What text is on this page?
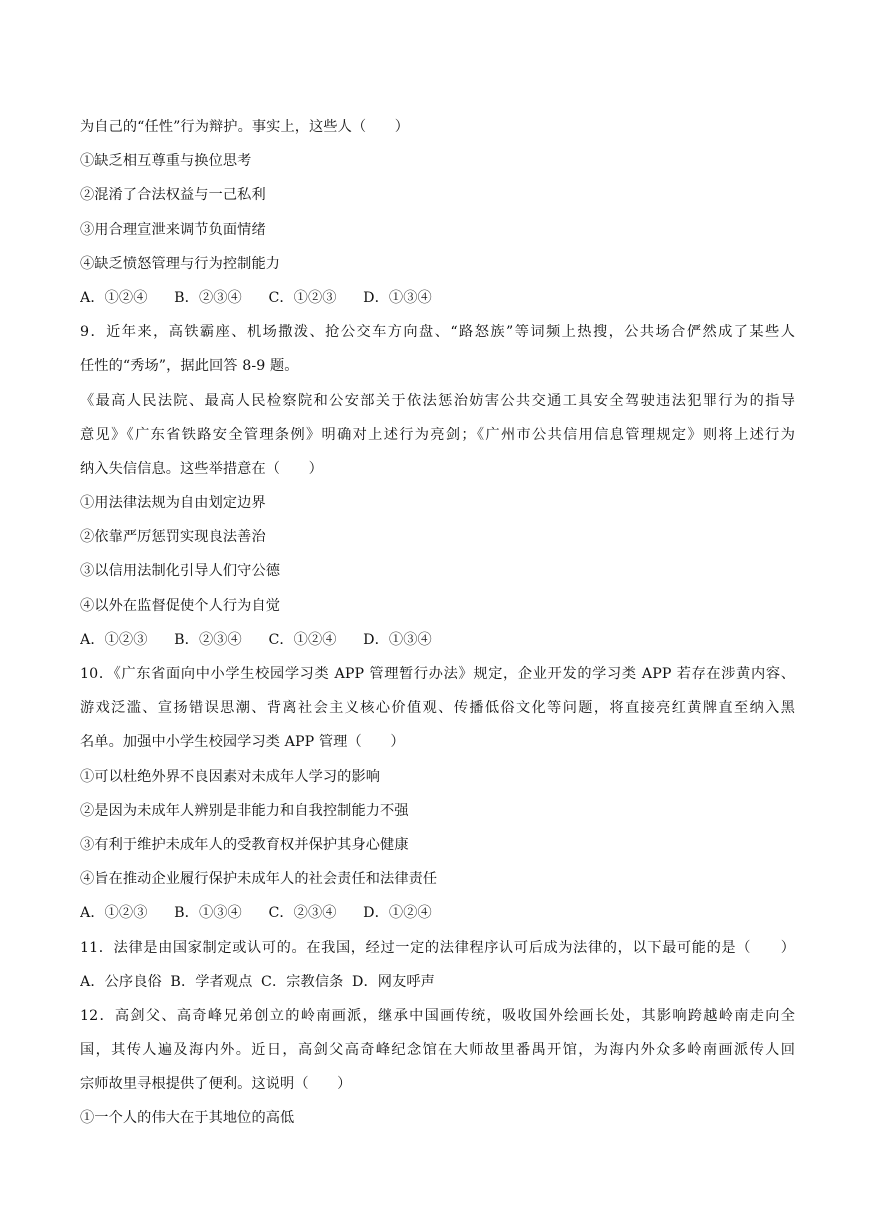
为自己的“任性”行为辩护。事实上，这些人（　　）
①缺乏相互尊重与换位思考
②混淆了合法权益与一己私利
③用合理宣泄来调节负面情绪
④缺乏愤怒管理与行为控制能力
A．①②④ B．②③④ C．①②③ D．①③④
9．近年来，高铁霸座、机场撒泼、抢公交车方向盘、“路怒族”等词频上热搜，公共场合俨然成了某些人
任性的“秀场”，据此回答 8-9 题。
《最高人民法院、最高人民检察院和公安部关于依法惩治妨害公共交通工具安全驾驶违法犯罪行为的指导
意见》《广东省铁路安全管理条例》明确对上述行为亮剑；《广州市公共信用信息管理规定》则将上述行为
纳入失信信息。这些举措意在（　　）
①用法律法规为自由划定边界
②依靠严厉惩罚实现良法善治
③以信用法制化引导人们守公德
④以外在监督促使个人行为自觉
A．①②③ B．②③④ C．①②④ D．①③④
10．《广东省面向中小学生校园学习类 APP 管理暂行办法》规定，企业开发的学习类 APP 若存在涉黄内容、
游戏泛滥、宣扬错误思潮、背离社会主义核心价值观、传播低俗文化等问题，将直接亮红黄牌直至纳入黑
名单。加强中小学生校园学习类 APP 管理（　　）
①可以杜绝外界不良因素对未成年人学习的影响
②是因为未成年人辨别是非能力和自我控制能力不强
③有利于维护未成年人的受教育权并保护其身心健康
④旨在推动企业履行保护未成年人的社会责任和法律责任
A．①②③ B．①③④ C．②③④ D．①②④
11．法律是由国家制定或认可的。在我国，经过一定的法律程序认可后成为法律的，以下最可能的是（　　）
A．公序良俗 B．学者观点 C．宗教信条 D．网友呼声
12．高剑父、高奇峰兄弟创立的岭南画派，继承中国画传统，吸收国外绘画长处，其影响跨越岭南走向全
国，其传人遍及海内外。近日，高剑父高奇峰纪念馆在大师故里番禺开馆，为海内外众多岭南画派传人回
宗师故里寻根提供了便利。这说明（　　）
①一个人的伟大在于其地位的高低
